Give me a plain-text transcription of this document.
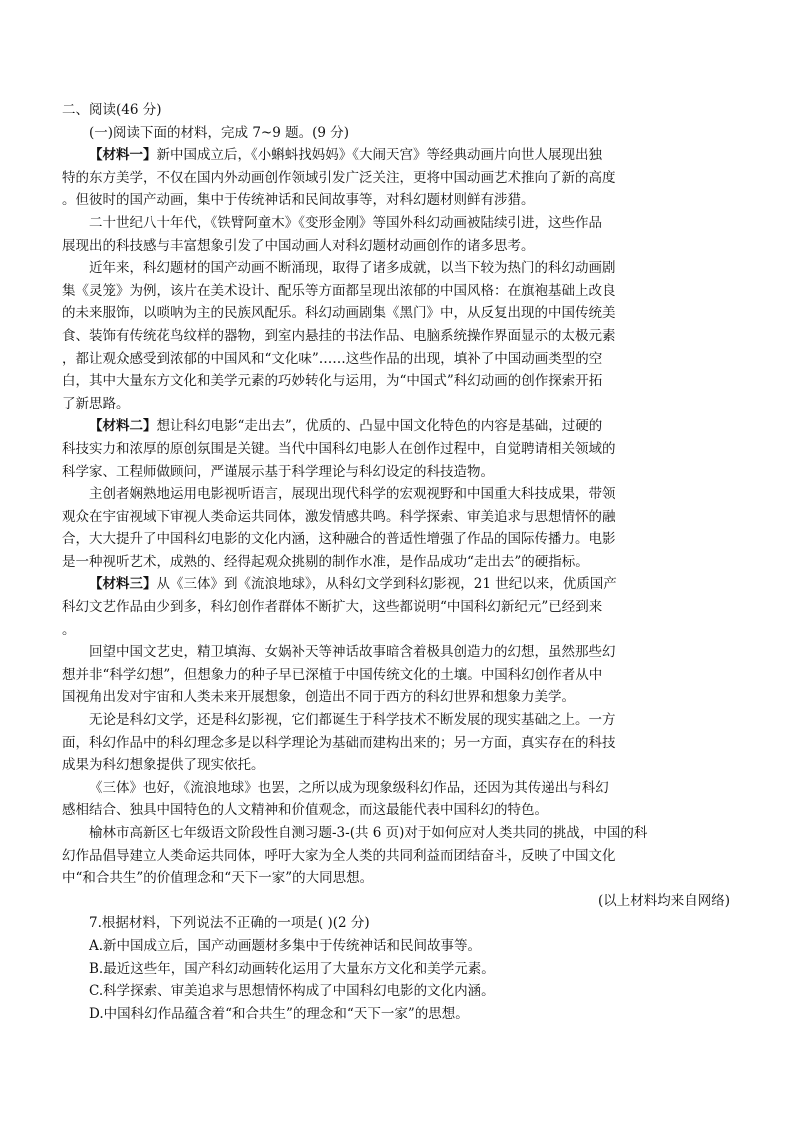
二、阅读(46 分)
(一)阅读下面的材料，完成 7~9 题。(9 分)
【材料一】新中国成立后，《小蝌蚪找妈妈》《大闹天宫》等经典动画片向世人展现出独
特的东方美学，不仅在国内外动画创作领域引发广泛关注，更将中国动画艺术推向了新的高度
。但彼时的国产动画，集中于传统神话和民间故事等，对科幻题材则鲜有涉猎。
二十世纪八十年代，《铁臂阿童木》《变形金刚》等国外科幻动画被陆续引进，这些作品
展现出的科技感与丰富想象引发了中国动画人对科幻题材动画创作的诸多思考。
近年来，科幻题材的国产动画不断涌现，取得了诸多成就，以当下较为热门的科幻动画剧
集《灵笼》为例，该片在美术设计、配乐等方面都呈现出浓郁的中国风格：在旗袍基础上改良
的未来服饰，以唢呐为主的民族风配乐。科幻动画剧集《黑门》中，从反复出现的中国传统美
食、装饰有传统花鸟纹样的器物，到室内悬挂的书法作品、电脑系统操作界面显示的太极元素
，都让观众感受到浓郁的中国风和“文化味”……这些作品的出现，填补了中国动画类型的空
白，其中大量东方文化和美学元素的巧妙转化与运用，为“中国式”科幻动画的创作探索开拓
了新思路。
【材料二】想让科幻电影“走出去”，优质的、凸显中国文化特色的内容是基础，过硬的
科技实力和浓厚的原创氛围是关键。当代中国科幻电影人在创作过程中，自觉聘请相关领域的
科学家、工程师做顾问，严谨展示基于科学理论与科幻设定的科技造物。
主创者娴熟地运用电影视听语言，展现出现代科学的宏观视野和中国重大科技成果，带领
观众在宇宙视域下审视人类命运共同体，激发情感共鸣。科学探索、审美追求与思想情怀的融
合，大大提升了中国科幻电影的文化内涵，这种融合的普适性增强了作品的国际传播力。电影
是一种视听艺术，成熟的、经得起观众挑剔的制作水准，是作品成功“走出去”的硬指标。
【材料三】从《三体》到《流浪地球》，从科幻文学到科幻影视，21 世纪以来，优质国产
科幻文艺作品由少到多，科幻创作者群体不断扩大，这些都说明“中国科幻新纪元”已经到来
。
回望中国文艺史，精卫填海、女娲补天等神话故事暗含着极具创造力的幻想，虽然那些幻
想并非“科学幻想”，但想象力的种子早已深植于中国传统文化的土壤。中国科幻创作者从中
国视角出发对宇宙和人类未来开展想象，创造出不同于西方的科幻世界和想象力美学。
无论是科幻文学，还是科幻影视，它们都诞生于科学技术不断发展的现实基础之上。一方
面，科幻作品中的科幻理念多是以科学理论为基础而建构出来的；另一方面，真实存在的科技
成果为科幻想象提供了现实依托。
《三体》也好，《流浪地球》也罢，之所以成为现象级科幻作品，还因为其传递出与科幻
感相结合、独具中国特色的人文精神和价值观念，而这最能代表中国科幻的特色。
榆林市高新区七年级语文阶段性自测习题-3-(共 6 页)对于如何应对人类共同的挑战，中国的科
幻作品倡导建立人类命运共同体，呼吁大家为全人类的共同利益而团结奋斗，反映了中国文化
中“和合共生”的价值理念和“天下一家”的大同思想。
(以上材料均来自网络)
7.根据材料，下列说法不正确的一项是( )(2 分)
A.新中国成立后，国产动画题材多集中于传统神话和民间故事等。
B.最近这些年，国产科幻动画转化运用了大量东方文化和美学元素。
C.科学探索、审美追求与思想情怀构成了中国科幻电影的文化内涵。
D.中国科幻作品蕴含着“和合共生”的理念和“天下一家”的思想。
